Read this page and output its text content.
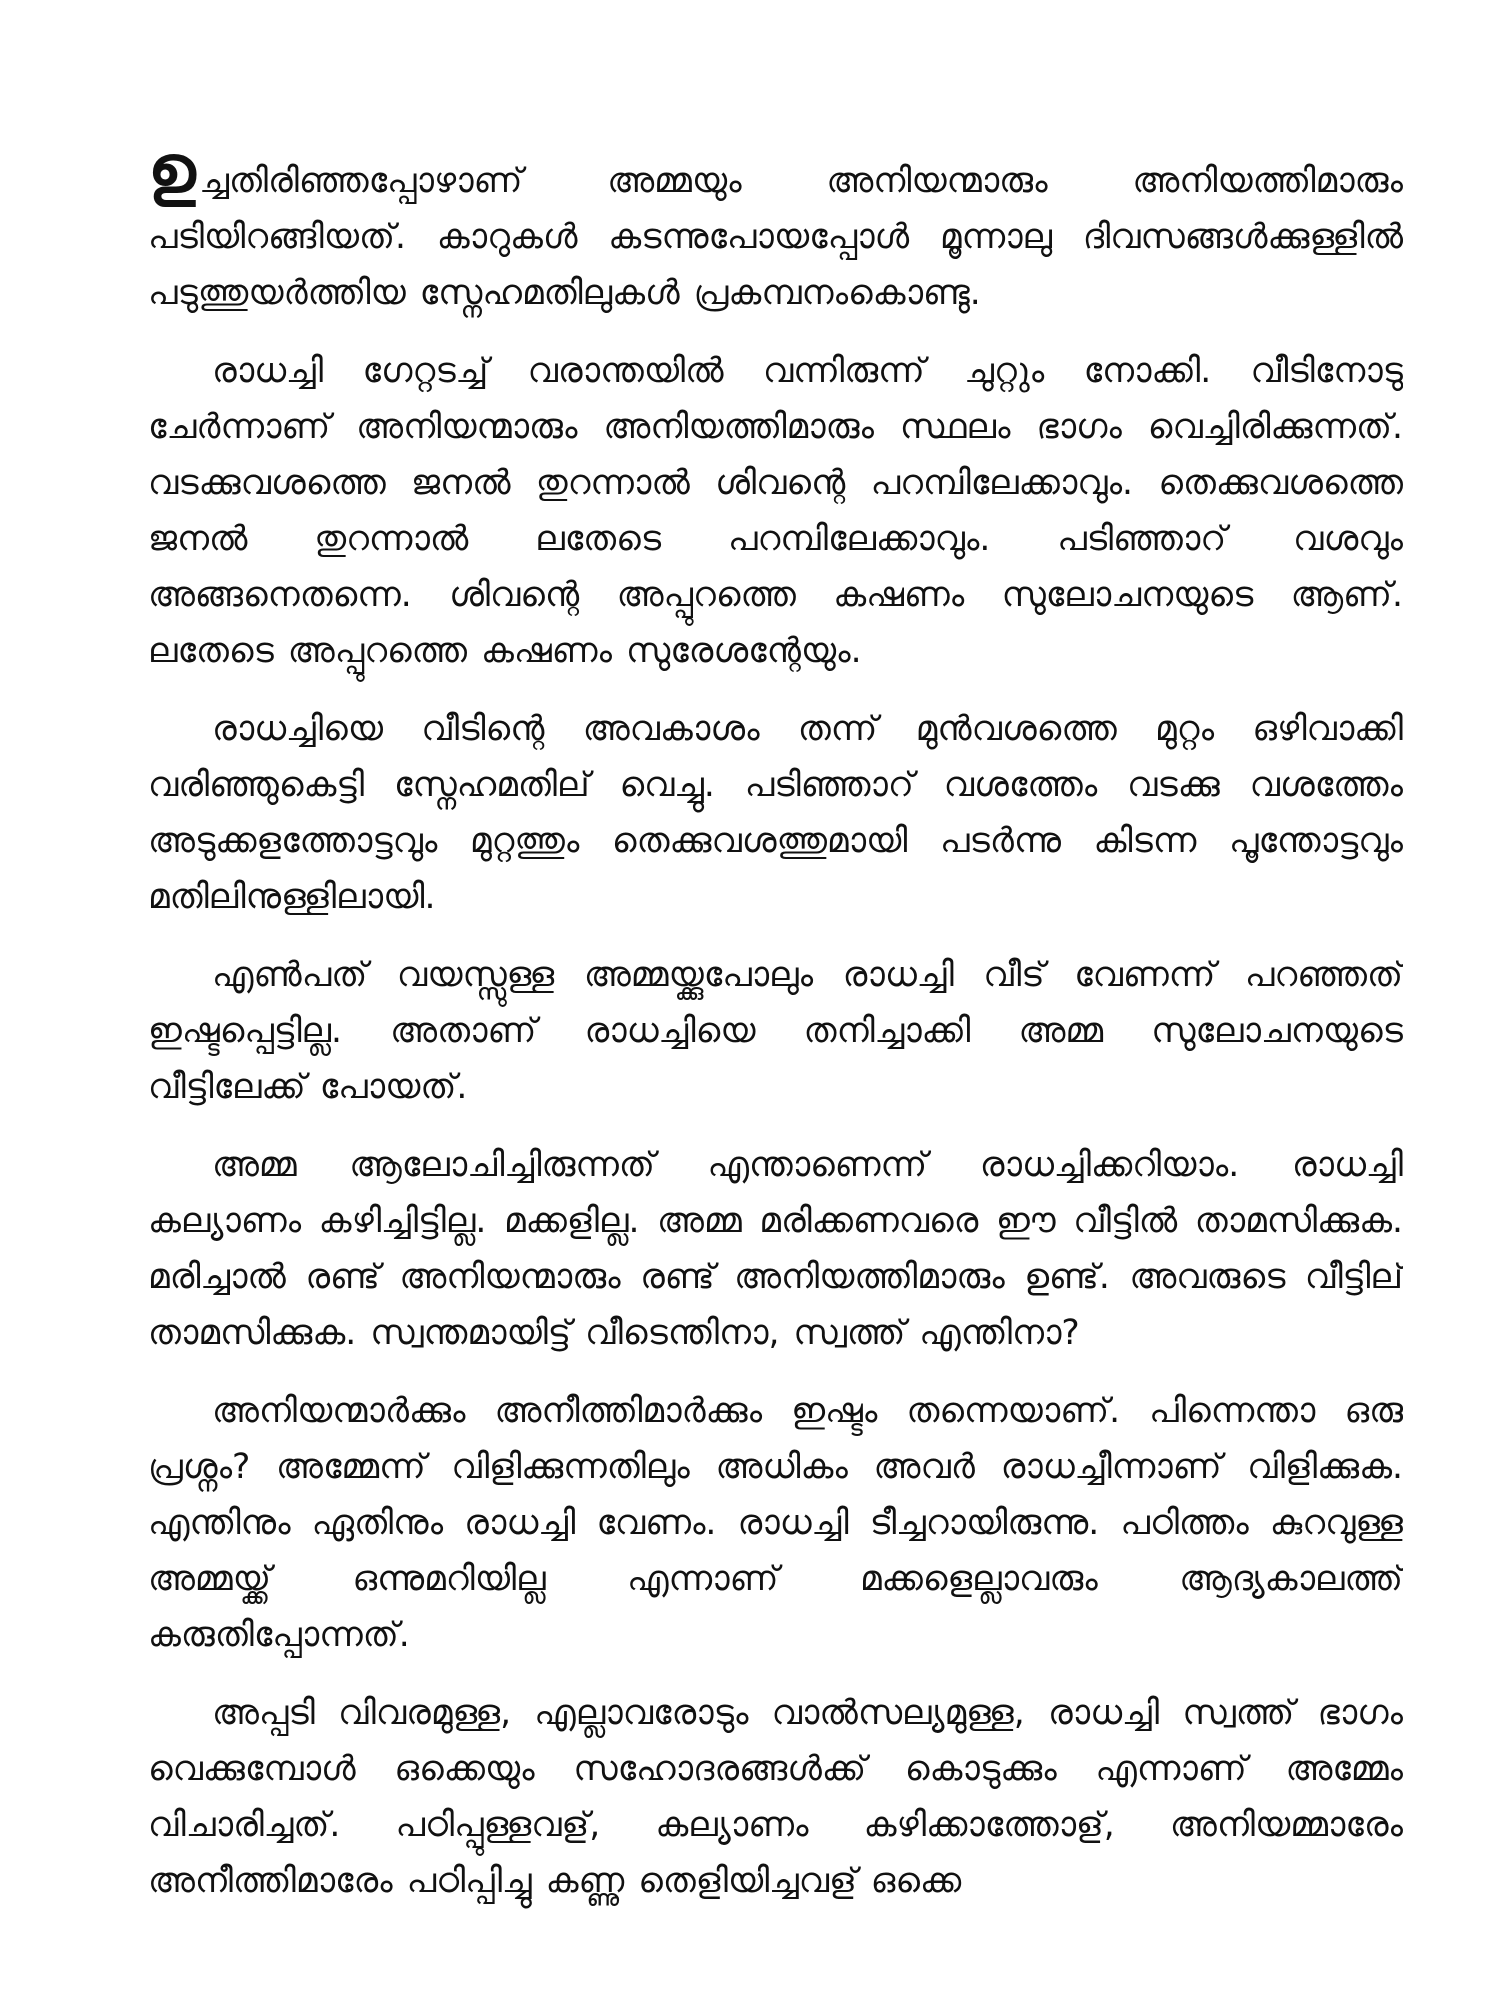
ഉച്ചതിരിഞ്ഞപ്പോഴാണ് അമ്മയും അനിയന്മാരും അനിയത്തിമാരും പടിയിറങ്ങിയത്. കാറുകൾ കടന്നുപോയപ്പോൾ മൂന്നാലു ദിവസങ്ങൾക്കുള്ളിൽ പടുത്തുയർത്തിയ സ്നേഹമതിലുകൾ പ്രകമ്പനംകൊണ്ടു.

രാധച്ചി ഗേറ്റടച്ച് വരാന്തയിൽ വന്നിരുന്ന് ചുറ്റും നോക്കി. വീടിനോടു ചേർന്നാണ് അനിയന്മാരും അനിയത്തിമാരും സ്ഥലം ഭാഗം വെച്ചിരിക്കുന്നത്. വടക്കുവശത്തെ ജനൽ തുറന്നാൽ ശിവന്റെ പറമ്പിലേക്കാവും. തെക്കുവശത്തെ ജനൽ തുറന്നാൽ ലതേടെ പറമ്പിലേക്കാവും. പടിഞ്ഞാറ് വശവും അങ്ങനെതന്നെ. ശിവന്റെ അപ്പുറത്തെ കഷണം സുലോചനയുടെ ആണ്. ലതേടെ അപ്പുറത്തെ കഷണം സുരേശന്റേയും.

രാധച്ചിയെ വീടിന്റെ അവകാശം തന്ന് മുൻവശത്തെ മുറ്റം ഒഴിവാക്കി വരിഞ്ഞുകെട്ടി സ്നേഹമതില് വെച്ചു. പടിഞ്ഞാറ് വശത്തേം വടക്കു വശത്തേം അടുക്കളത്തോട്ടവും മുറ്റത്തും തെക്കുവശത്തുമായി പടർന്നു കിടന്ന പൂന്തോട്ടവും മതിലിനുള്ളിലായി.

എൺപത് വയസ്സുള്ള അമ്മയ്ക്കുപോലും രാധച്ചി വീട് വേണന്ന് പറഞ്ഞത് ഇഷ്ടപ്പെട്ടില്ല. അതാണ് രാധച്ചിയെ തനിച്ചാക്കി അമ്മ സുലോചനയുടെ വീട്ടിലേക്ക് പോയത്.

അമ്മ ആലോചിച്ചിരുന്നത് എന്താണെന്ന് രാധച്ചിക്കറിയാം. രാധച്ചി കല്യാണം കഴിച്ചിട്ടില്ല. മക്കളില്ല. അമ്മ മരിക്കണവരെ ഈ വീട്ടിൽ താമസിക്കുക. മരിച്ചാൽ രണ്ട് അനിയന്മാരും രണ്ട് അനിയത്തിമാരും ഉണ്ട്. അവരുടെ വീട്ടില് താമസിക്കുക. സ്വന്തമായിട്ട് വീടെന്തിനാ, സ്വത്ത് എന്തിനാ?

അനിയന്മാർക്കും അനീത്തിമാർക്കും ഇഷ്ടം തന്നെയാണ്. പിന്നെന്താ ഒരു പ്രശ്നം? അമ്മേന്ന് വിളിക്കുന്നതിലും അധികം അവർ രാധച്ചീന്നാണ് വിളിക്കുക. എന്തിനും ഏതിനും രാധച്ചി വേണം. രാധച്ചി ടീച്ചറായിരുന്നു. പഠിത്തം കുറവുള്ള അമ്മയ്ക്ക് ഒന്നുമറിയില്ല എന്നാണ് മക്കളെല്ലാവരും ആദ്യകാലത്ത് കരുതിപ്പോന്നത്.

അപ്പടി വിവരമുള്ള, എല്ലാവരോടും വാൽസല്യമുള്ള, രാധച്ചി സ്വത്ത് ഭാഗം വെക്കുമ്പോൾ ഒക്കെയും സഹോദരങ്ങൾക്ക് കൊടുക്കും എന്നാണ് അമ്മേം വിചാരിച്ചത്. പഠിപ്പുള്ളവള്, കല്യാണം കഴിക്കാത്തോള്, അനിയമ്മാരേം അനീത്തിമാരേം പഠിപ്പിച്ചു കണ്ണു തെളിയിച്ചവള് ഒക്കെ
